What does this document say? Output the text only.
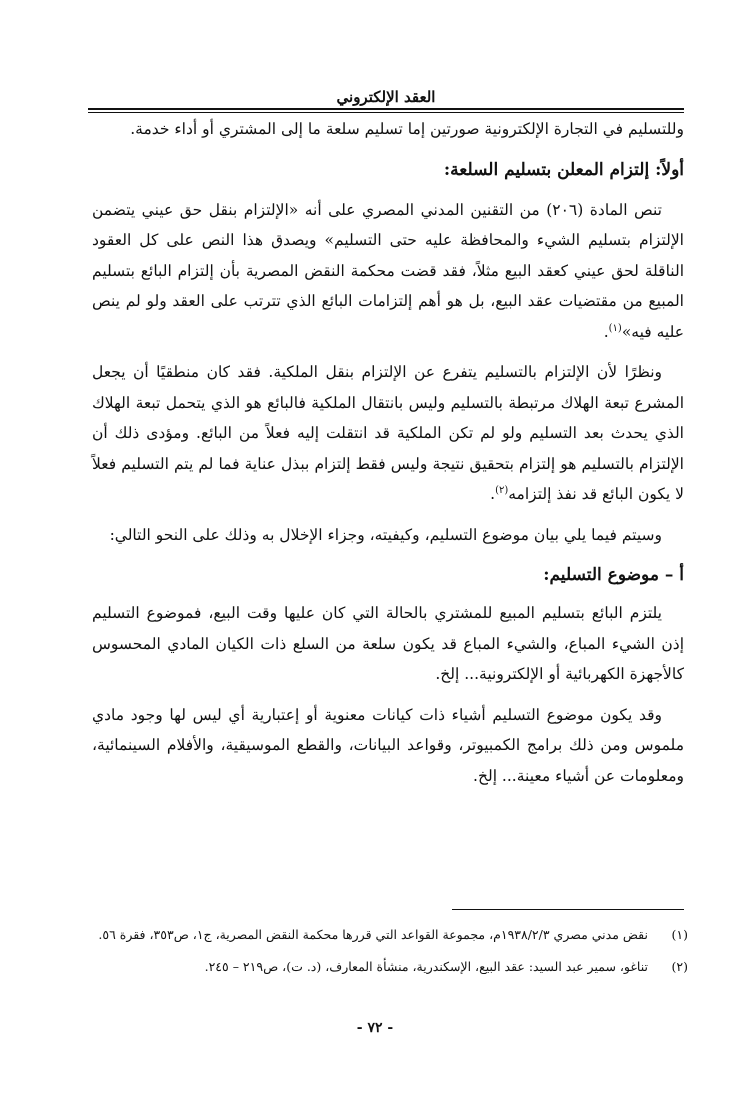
العقد الإلكتروني

وللتسليم في التجارة الإلكترونية صورتين إما تسليم سلعة ما إلى المشتري أو أداء خدمة.

أولاً: إلتزام المعلن بتسليم السلعة:

تنص المادة (٢٠٦) من التقنين المدني المصري على أنه «الإلتزام بنقل حق عيني يتضمن الإلتزام بتسليم الشيء والمحافظة عليه حتى التسليم» ويصدق هذا النص على كل العقود الناقلة لحق عيني كعقد البيع مثلاً، فقد قضت محكمة النقض المصرية بأن إلتزام البائع بتسليم المبيع من مقتضيات عقد البيع، بل هو أهم إلتزامات البائع الذي تترتب على العقد ولو لم ينص عليه فيه»$^{(١)}$.

ونظرًا لأن الإلتزام بالتسليم يتفرع عن الإلتزام بنقل الملكية. فقد كان منطقيًا أن يجعل المشرع تبعة الهلاك مرتبطة بالتسليم وليس بانتقال الملكية فالبائع هو الذي يتحمل تبعة الهلاك الذي يحدث بعد التسليم ولو لم تكن الملكية قد انتقلت إليه فعلاً من البائع. ومؤدى ذلك أن الإلتزام بالتسليم هو إلتزام بتحقيق نتيجة وليس فقط إلتزام ببذل عناية فما لم يتم التسليم فعلاً لا يكون البائع قد نفذ إلتزامه$^{(٢)}$.

وسيتم فيما يلي بيان موضوع التسليم، وكيفيته، وجزاء الإخلال به وذلك على النحو التالي:

أ – موضوع التسليم:

يلتزم البائع بتسليم المبيع للمشتري بالحالة التي كان عليها وقت البيع، فموضوع التسليم إذن الشيء المباع، والشيء المباع قد يكون سلعة من السلع ذات الكيان المادي المحسوس كالأجهزة الكهربائية أو الإلكترونية... إلخ.

وقد يكون موضوع التسليم أشياء ذات كيانات معنوية أو إعتبارية أي ليس لها وجود مادي ملموس ومن ذلك برامج الكمبيوتر، وقواعد البيانات، والقطع الموسيقية، والأفلام السينمائية، ومعلومات عن أشياء معينة... إلخ.

(١)
نقض مدني مصري ١٩٣٨/٢/٣م، مجموعة القواعد التي قررها محكمة النقض المصرية، ج١، ص٣٥٣، فقرة ٥٦.
(٢)
تناغو، سمير عبد السيد: عقد البيع، الإسكندرية، منشأة المعارف، (د. ت)، ص٢١٩ – ٢٤٥.
- ٧٢ -
